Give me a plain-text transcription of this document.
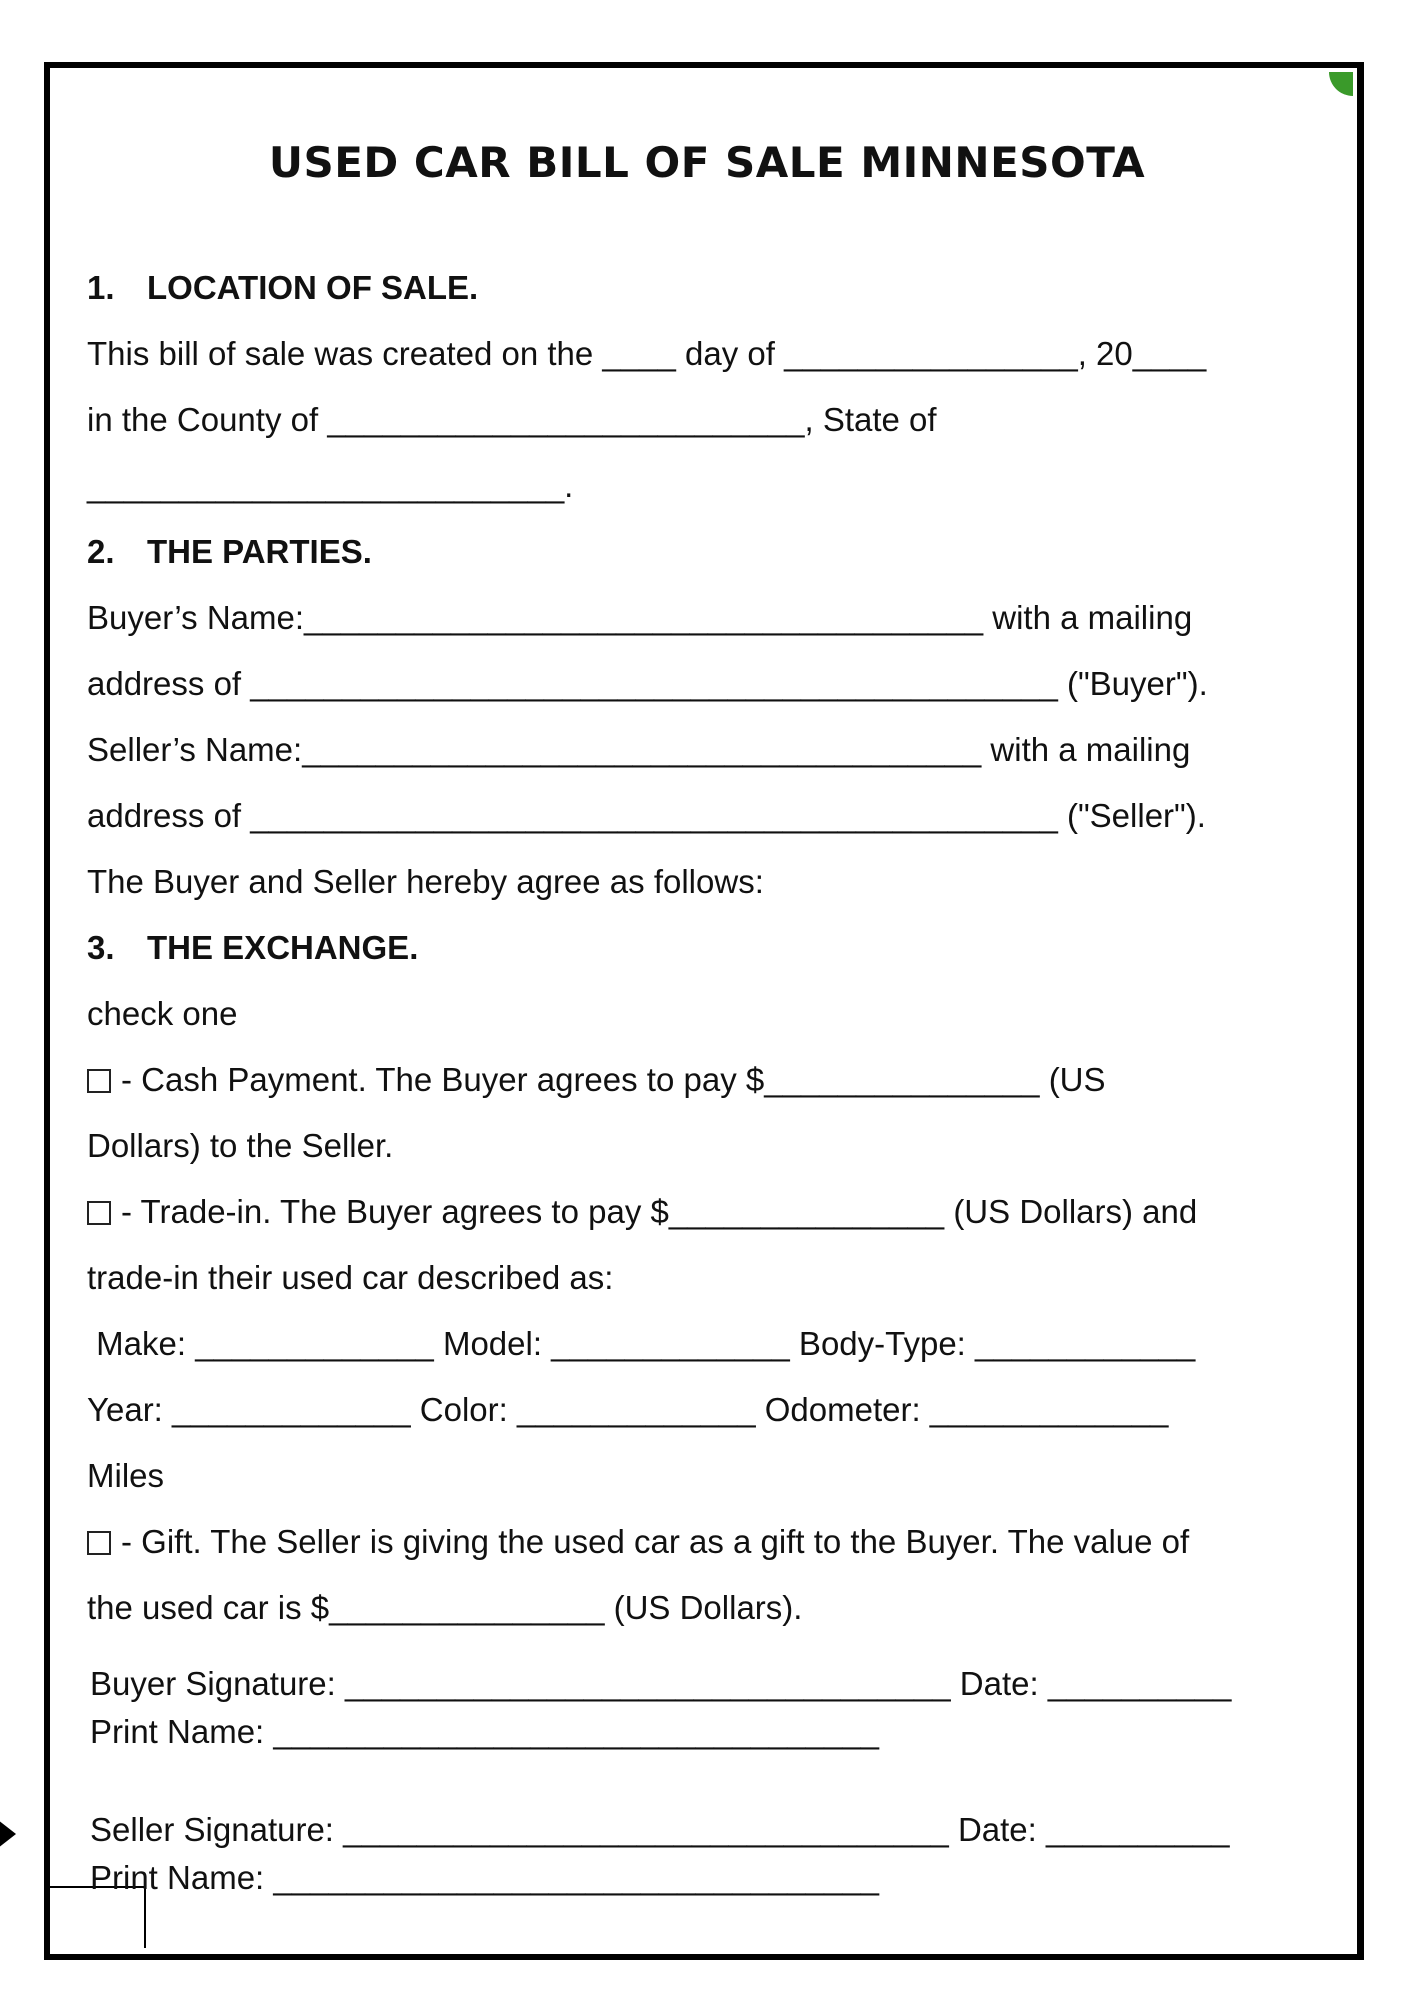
USED CAR BILL OF SALE MINNESOTA
1. LOCATION OF SALE.
This bill of sale was created on the ____ day of ________________, 20____
in the County of __________________________, State of
__________________________.
2. THE PARTIES.
Buyer’s Name:_____________________________________ with a mailing
address of ____________________________________________ ("Buyer").
Seller’s Name:_____________________________________ with a mailing
address of ____________________________________________ ("Seller").
The Buyer and Seller hereby agree as follows:
3. THE EXCHANGE.
check one
- Cash Payment. The Buyer agrees to pay $_______________ (US
Dollars) to the Seller.
- Trade-in. The Buyer agrees to pay $_______________ (US Dollars) and
trade-in their used car described as:
Make: _____________ Model: _____________ Body-Type: ____________
Year: _____________ Color: _____________ Odometer: _____________
Miles
- Gift. The Seller is giving the used car as a gift to the Buyer. The value of
the used car is $_______________ (US Dollars).
Buyer Signature: _________________________________ Date: __________
Print Name: _________________________________
Seller Signature: _________________________________ Date: __________
Print Name: _________________________________
